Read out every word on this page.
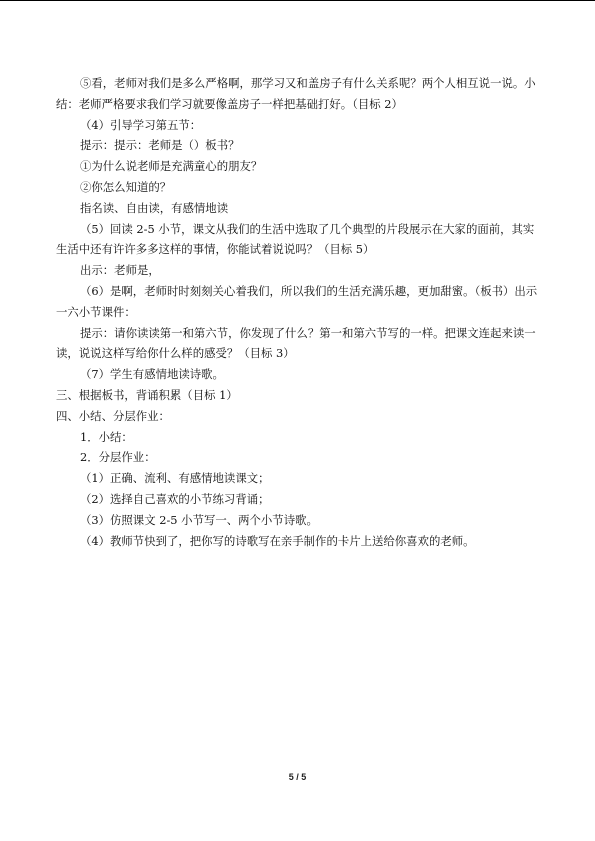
⑤看，老师对我们是多么严格啊，那学习又和盖房子有什么关系呢？两个人相互说一说。小结：老师严格要求我们学习就要像盖房子一样把基础打好。（目标 2）

（4）引导学习第五节：

提示：提示：老师是（）板书？

①为什么说老师是充满童心的朋友？

②你怎么知道的？

指名读、自由读，有感情地读

（5）回读 2-5 小节，课文从我们的生活中选取了几个典型的片段展示在大家的面前，其实生活中还有许许多多这样的事情，你能试着说说吗？（目标 5）

出示：老师是，

（6）是啊，老师时时刻刻关心着我们，所以我们的生活充满乐趣，更加甜蜜。（板书）出示一六小节课件：

提示：请你读读第一和第六节，你发现了什么？第一和第六节写的一样。把课文连起来读一读，说说这样写给你什么样的感受？（目标 3）

（7）学生有感情地读诗歌。

三、根据板书，背诵积累（目标 1）

四、小结、分层作业：

1．小结：

2．分层作业：

（1）正确、流利、有感情地读课文；

（2）选择自己喜欢的小节练习背诵；

（3）仿照课文 2-5 小节写一、两个小节诗歌。

（4）教师节快到了，把你写的诗歌写在亲手制作的卡片上送给你喜欢的老师。

5 / 5
